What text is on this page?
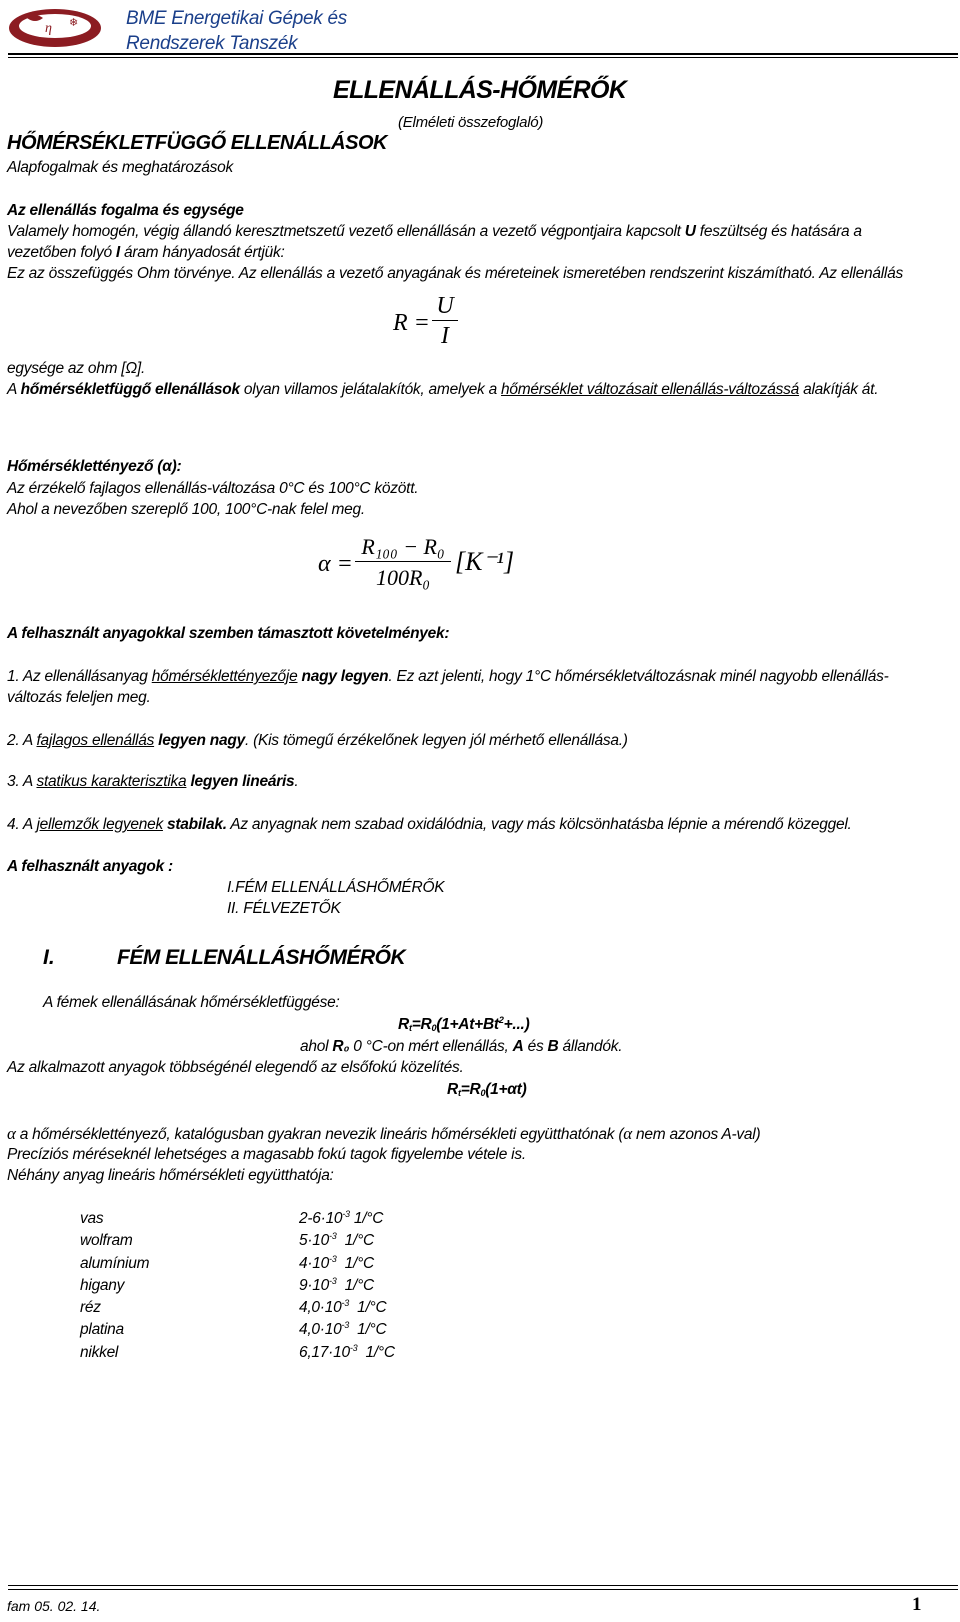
η ❄	BME Energetikai Gépek és
Rendszerek Tanszék
ELLENÁLLÁS-HŐMÉRŐK
(Elméleti összefoglaló)
HŐMÉRSÉKLETFÜGGŐ ELLENÁLLÁSOK
Alapfogalmak és meghatározások
Az ellenállás fogalma és egysége
Valamely homogén, végig állandó keresztmetszetű vezető ellenállásán a vezető végpontjaira kapcsolt U feszültség és hatására a
vezetőben folyó I áram hányadosát értjük:
Ez az összefüggés Ohm törvénye. Az ellenállás a vezető anyagának és méreteinek ismeretében rendszerint kiszámítható. Az ellenállás
R =
U
I
egysége az ohm [Ω].
A hőmérsékletfüggő ellenállások olyan villamos jelátalakítók, amelyek a hőmérséklet változásait ellenállás-változássá alakítják át.
Hőmérséklettényező (α):
Az érzékelő fajlagos ellenállás-változása 0°C és 100°C között.
Ahol a nevezőben szereplő 100, 100°C-nak felel meg.
α =
R₁₀₀ − R₀
100R₀
[K⁻¹]
A felhasznált anyagokkal szemben támasztott követelmények:
1. Az ellenállásanyag hőmérséklettényezője nagy legyen. Ez azt jelenti, hogy 1°C hőmérsékletváltozásnak minél nagyobb ellenállás-
változás feleljen meg.
2. A fajlagos ellenállás legyen nagy. (Kis tömegű érzékelőnek legyen jól mérhető ellenállása.)
3. A statikus karakterisztika legyen lineáris.
4. A jellemzők legyenek stabilak. Az anyagnak nem szabad oxidálódnia, vagy más kölcsönhatásba lépnie a mérendő közeggel.
A felhasznált anyagok :
I.FÉM ELLENÁLLÁSHŐMÉRŐK
II. FÉLVEZETŐK
I.	FÉM ELLENÁLLÁSHŐMÉRŐK
A fémek ellenállásának hőmérsékletfüggése:
$R_t=R_0(1+At+Bt^2+...)$
ahol R₀ 0 °C-on mért ellenállás, A és B állandók.
Az alkalmazott anyagok többségénél elegendő az elsőfokú közelítés.
$R_t=R_0(1+\alpha t)$
α a hőmérséklettényező, katalógusban gyakran nevezik lineáris hőmérsékleti együtthatónak (α nem azonos A-val)
Precíziós méréseknél lehetséges a magasabb fokú tagok figyelembe vétele is.
Néhány anyag lineáris hőmérsékleti együtthatója:
vas	$2-6\cdot 10^{-3}$ 1/°C
wolfram	$5\cdot 10^{-3}$  1/°C
alumínium	$4\cdot 10^{-3}$  1/°C
higany	$9\cdot 10^{-3}$  1/°C
réz	$4,0\cdot 10^{-3}$  1/°C
platina	$4,0\cdot 10^{-3}$  1/°C
nikkel	$6,17\cdot 10^{-3}$  1/°C
fam 05. 02. 14.	1
